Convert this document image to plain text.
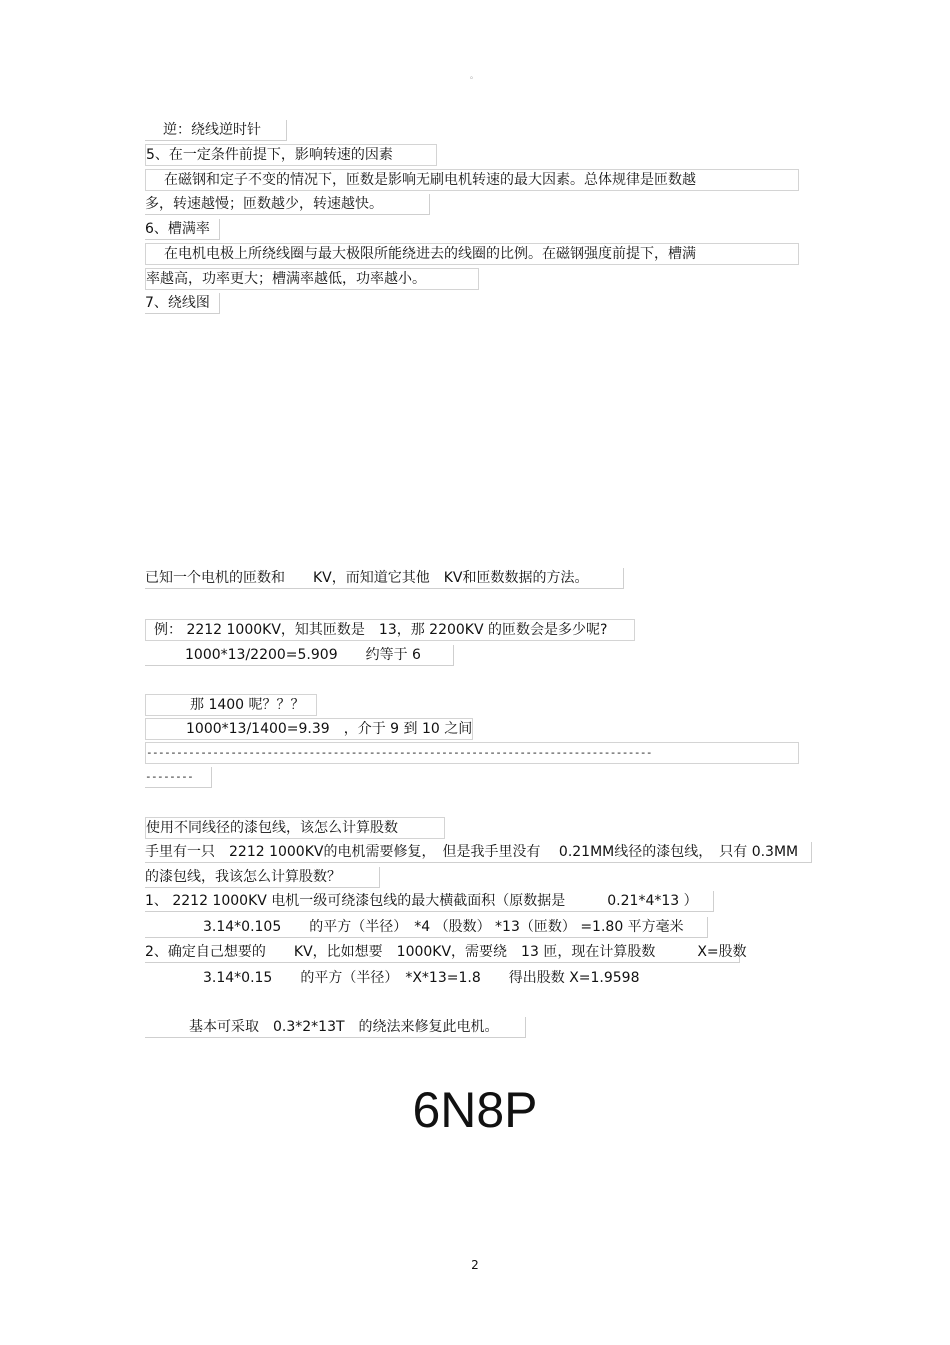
。
逆：绕线逆时针
5、在一定条件前提下，影响转速的因素
在磁钢和定子不变的情况下，匝数是影响无刷电机转速的最大因素。总体规律是匝数越
多，转速越慢；匝数越少，转速越快。
6、槽满率
在电机电极上所绕线圈与最大极限所能绕进去的线圈的比例。在磁钢强度前提下，槽满
率越高，功率更大；槽满率越低，功率越小。
7、绕线图
已知一个电机的匝数和　　KV，而知道它其他　KV和匝数数据的方法。
例： 2212 1000KV，知其匝数是　13，那 2200KV 的匝数会是多少呢?
1000*13/2200=5.909　　约等于 6
那 1400 呢？？？
1000*13/1400=9.39　，介于 9 到 10 之间
------------------------------------------------------------------------------------
--------
使用不同线径的漆包线，该怎么计算股数
手里有一只　2212 1000KV的电机需要修复，　但是我手里没有　 0.21MM线径的漆包线，　只有 0.3MM
的漆包线，我该怎么计算股数？
1、 2212 1000KV 电机一级可绕漆包线的最大横截面积（原数据是　　　0.21*4*13 ）
3.14*0.105　　的平方（半径）　*4 （股数） *13（匝数） =1.80 平方毫米
2、确定自己想要的　　KV，比如想要　1000KV，需要绕　13 匝，现在计算股数　　　X=股数
3.14*0.15　　的平方（半径）　*X*13=1.8　　得出股数 X=1.9598
基本可采取　0.3*2*13T　的绕法来修复此电机。
6N8P
2
